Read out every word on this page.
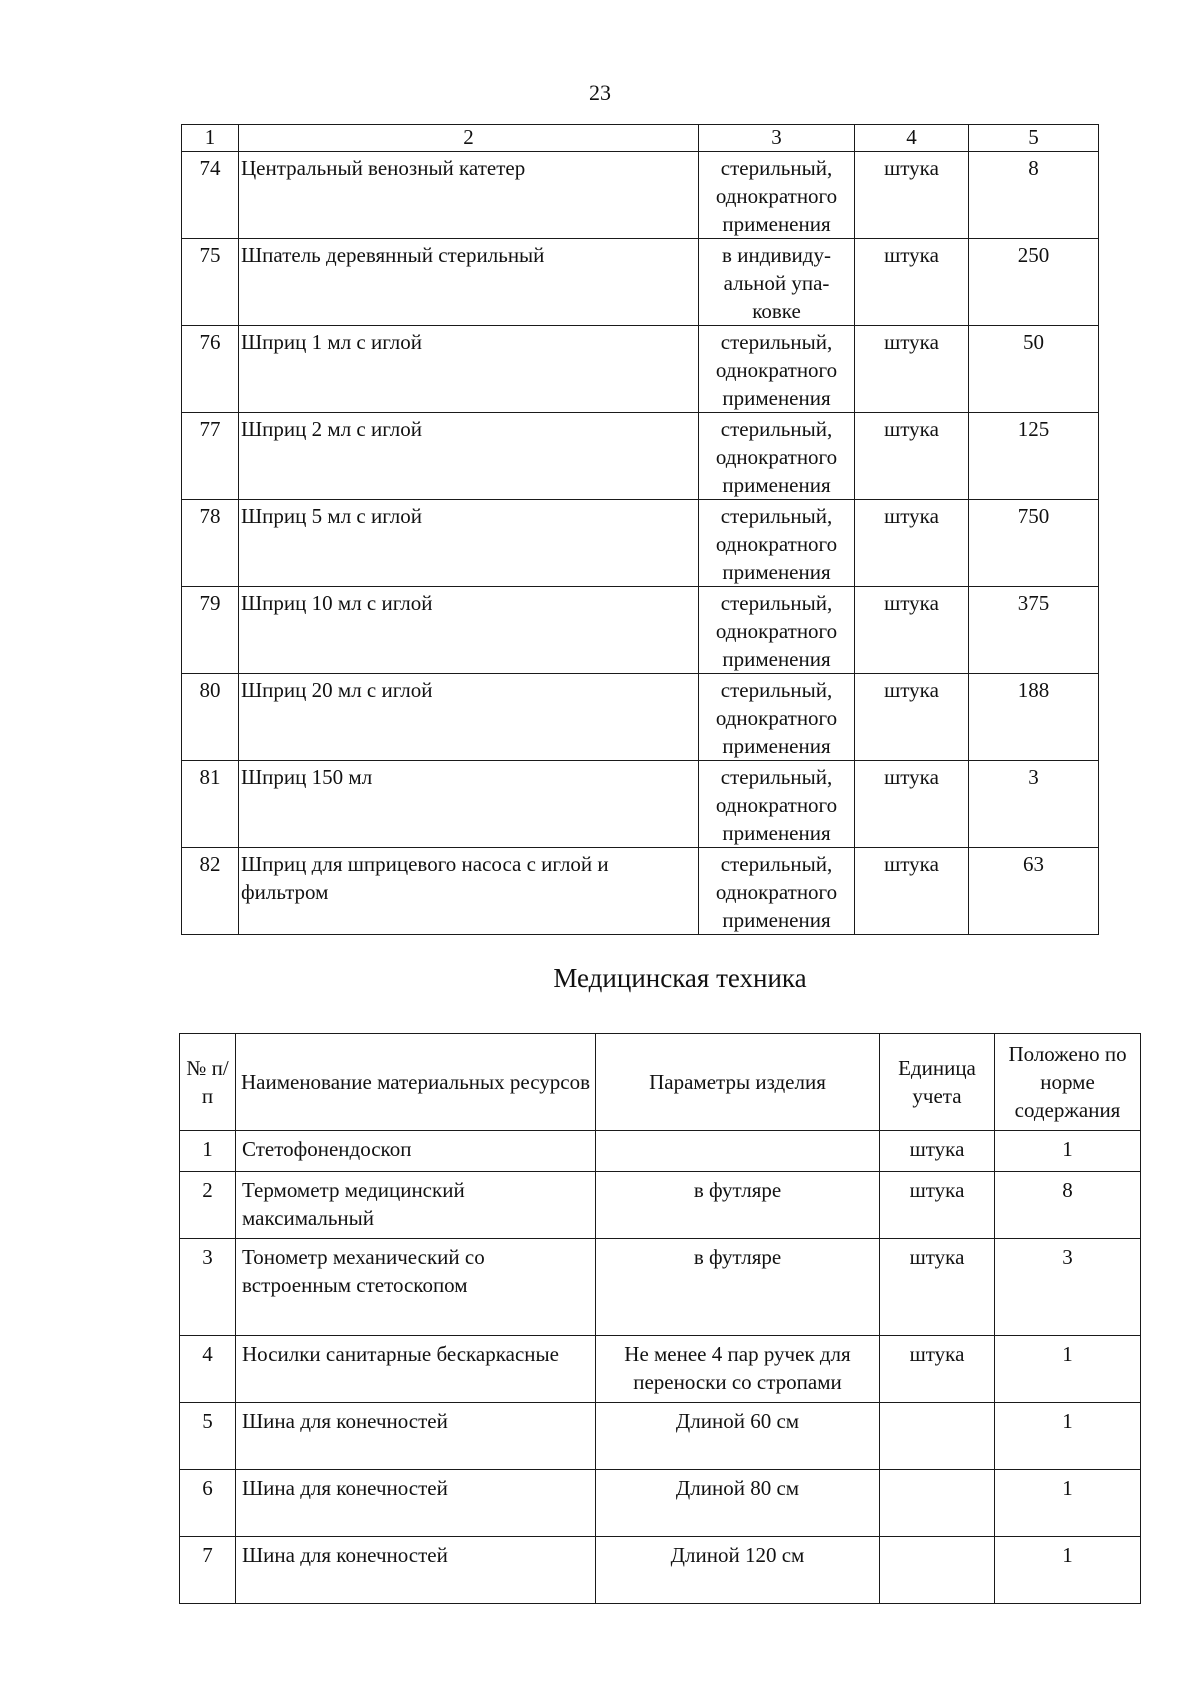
23
1	2	3	4	5
74	Центральный венозный катетер	стерильный,
однократного
применения	штука	8
75	Шпатель деревянный стерильный	в индивиду-
альной упа-
ковке	штука	250
76	Шприц 1 мл с иглой	стерильный,
однократного
применения	штука	50
77	Шприц 2 мл с иглой	стерильный,
однократного
применения	штука	125
78	Шприц 5 мл с иглой	стерильный,
однократного
применения	штука	750
79	Шприц 10 мл с иглой	стерильный,
однократного
применения	штука	375
80	Шприц 20 мл с иглой	стерильный,
однократного
применения	штука	188
81	Шприц 150 мл	стерильный,
однократного
применения	штука	3
82	Шприц для шприцевого насоса с иглой и фильтром	стерильный,
однократного
применения	штука	63
Медицинская техника
№ п/п	Наименование материальных ресурсов	Параметры изделия	Единица учета	Положено по норме содержания
1	Стетофонендоскоп		штука	1
2	Термометр медицинский максимальный	в футляре	штука	8
3	Тонометр механический со встроенным стетоскопом	в футляре	штука	3
4	Носилки санитарные бескаркасные	Не менее 4 пар ручек для переноски со стропами	штука	1
5	Шина для конечностей	Длиной 60 см		1
6	Шина для конечностей	Длиной 80 см		1
7	Шина для конечностей	Длиной 120 см		1
